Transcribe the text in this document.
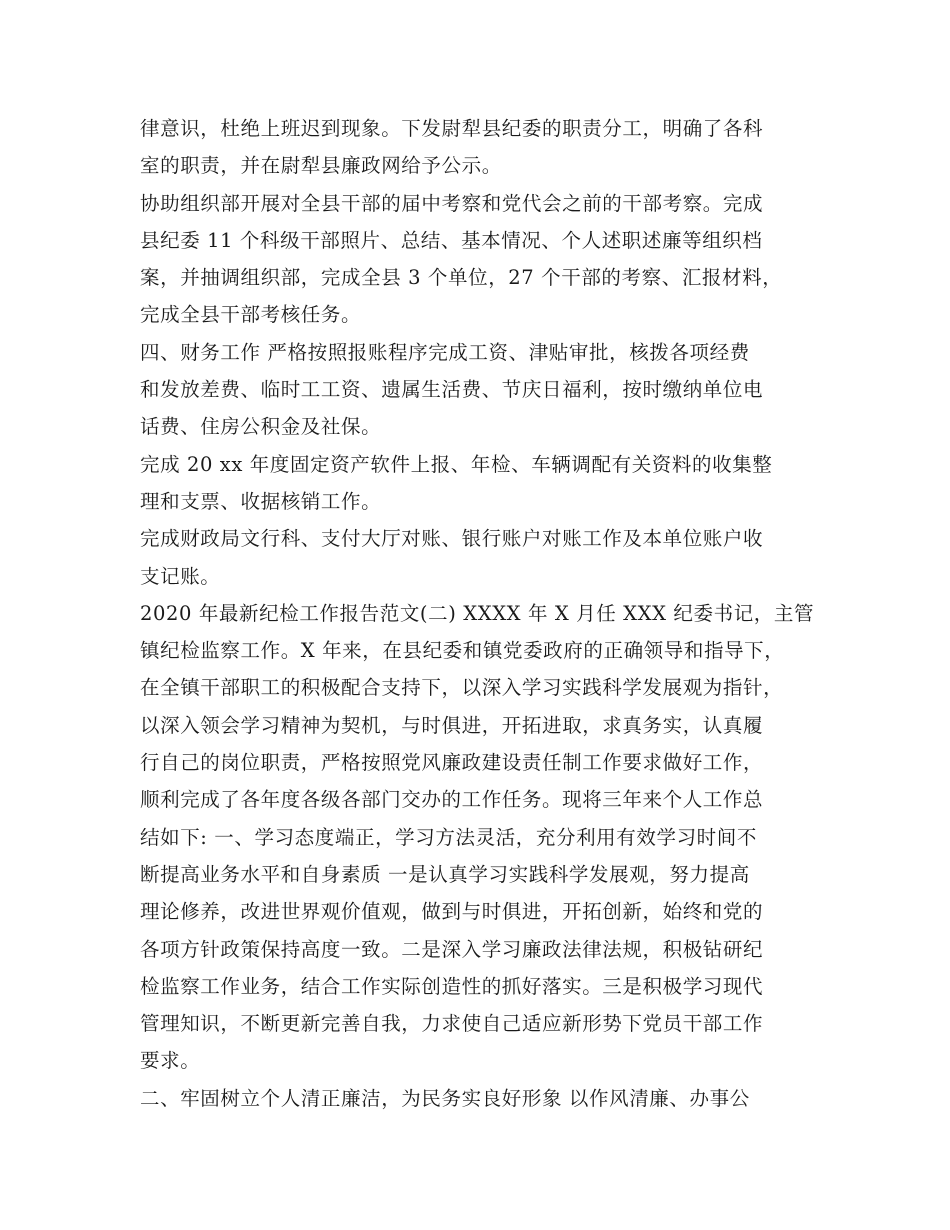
律意识，杜绝上班迟到现象。下发尉犁县纪委的职责分工，明确了各科
室的职责，并在尉犁县廉政网给予公示。
协助组织部开展对全县干部的届中考察和党代会之前的干部考察。完成
县纪委 11 个科级干部照片、总结、基本情况、个人述职述廉等组织档
案，并抽调组织部，完成全县 3 个单位，27 个干部的考察、汇报材料，
完成全县干部考核任务。
四、财务工作 严格按照报账程序完成工资、津贴审批，核拨各项经费
和发放差费、临时工工资、遗属生活费、节庆日福利，按时缴纳单位电
话费、住房公积金及社保。
完成 20 xx 年度固定资产软件上报、年检、车辆调配有关资料的收集整
理和支票、收据核销工作。
完成财政局文行科、支付大厅对账、银行账户对账工作及本单位账户收
支记账。
2020 年最新纪检工作报告范文(二) XXXX 年 X 月任 XXX 纪委书记，主管
镇纪检监察工作。X 年来，在县纪委和镇党委政府的正确领导和指导下，
在全镇干部职工的积极配合支持下，以深入学习实践科学发展观为指针，
以深入领会学习精神为契机，与时俱进，开拓进取，求真务实，认真履
行自己的岗位职责，严格按照党风廉政建设责任制工作要求做好工作，
顺利完成了各年度各级各部门交办的工作任务。现将三年来个人工作总
结如下: 一、学习态度端正，学习方法灵活，充分利用有效学习时间不
断提高业务水平和自身素质 一是认真学习实践科学发展观，努力提高
理论修养，改进世界观价值观，做到与时俱进，开拓创新，始终和党的
各项方针政策保持高度一致。二是深入学习廉政法律法规，积极钻研纪
检监察工作业务，结合工作实际创造性的抓好落实。三是积极学习现代
管理知识，不断更新完善自我，力求使自己适应新形势下党员干部工作
要求。
二、牢固树立个人清正廉洁，为民务实良好形象 以作风清廉、办事公
